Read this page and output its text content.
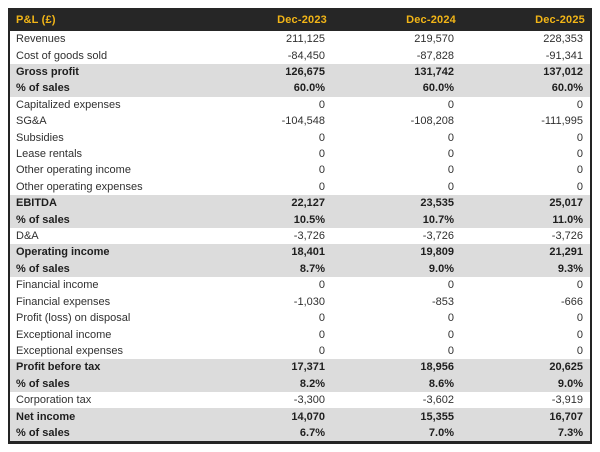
P&L (£)	Dec-2023	Dec-2024	Dec-2025
Revenues	211,125	219,570	228,353
Cost of goods sold	-84,450	-87,828	-91,341
Gross profit	126,675	131,742	137,012
% of sales	60.0%	60.0%	60.0%
Capitalized expenses	0	0	0
SG&A	-104,548	-108,208	-111,995
Subsidies	0	0	0
Lease rentals	0	0	0
Other operating income	0	0	0
Other operating expenses	0	0	0
EBITDA	22,127	23,535	25,017
% of sales	10.5%	10.7%	11.0%
D&A	-3,726	-3,726	-3,726
Operating income	18,401	19,809	21,291
% of sales	8.7%	9.0%	9.3%
Financial income	0	0	0
Financial expenses	-1,030	-853	-666
Profit (loss) on disposal	0	0	0
Exceptional income	0	0	0
Exceptional expenses	0	0	0
Profit before tax	17,371	18,956	20,625
% of sales	8.2%	8.6%	9.0%
Corporation tax	-3,300	-3,602	-3,919
Net income	14,070	15,355	16,707
% of sales	6.7%	7.0%	7.3%
